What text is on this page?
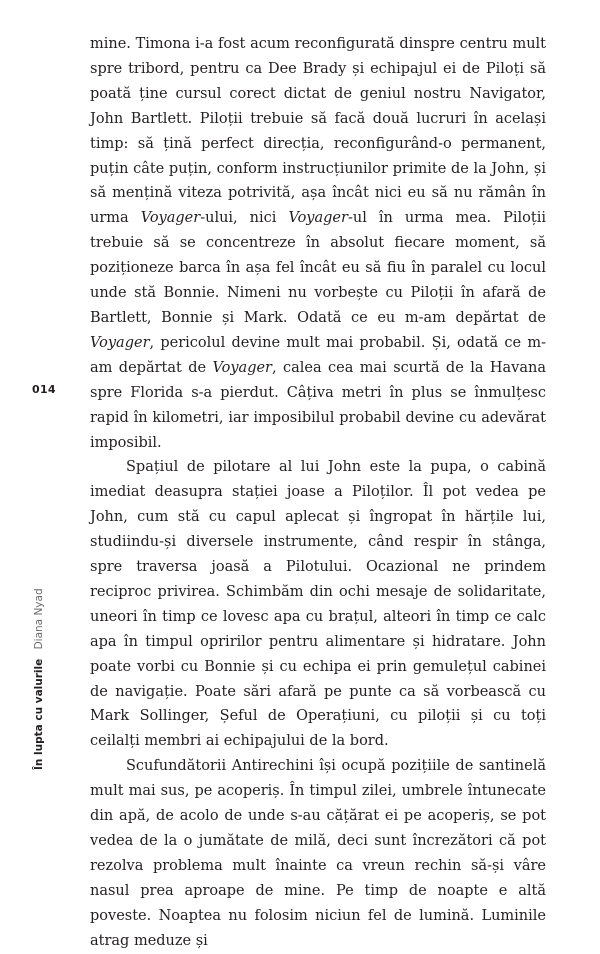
mine. Timona i-a fost acum reconfigurată dinspre centru mult spre tribord, pentru ca Dee Brady și echipajul ei de Piloți să poată ține cursul corect dictat de geniul nostru Navigator, John Bartlett. Piloții trebuie să facă două lucruri în același timp: să țină perfect direcția, reconfigurând-o permanent, puțin câte puțin, conform instrucțiunilor primite de la John, și să mențină viteza potrivită, așa încât nici eu să nu rămân în urma Voyager-ului, nici Voyager-ul în urma mea. Piloții trebuie să se concentreze în absolut fiecare moment, să poziționeze barca în așa fel încât eu să fiu în paralel cu locul unde stă Bonnie. Nimeni nu vorbește cu Piloții în afară de Bartlett, Bonnie și Mark. Odată ce eu m-am depărtat de Voyager, pericolul devine mult mai probabil. Și, odată ce m-am depărtat de Voyager, calea cea mai scurtă de la Havana spre Florida s-a pierdut. Câțiva metri în plus se înmulțesc rapid în kilometri, iar imposibilul probabil devine cu adevărat imposibil.

Spațiul de pilotare al lui John este la pupa, o cabină imediat deasupra stației joase a Piloților. Îl pot vedea pe John, cum stă cu capul aplecat și îngropat în hărțile lui, studiindu-și diversele instrumente, când respir în stânga, spre traversa joasă a Pilotului. Ocazional ne prindem reciproc privirea. Schimbăm din ochi mesaje de solidaritate, uneori în timp ce lovesc apa cu brațul, alteori în timp ce calc apa în timpul opririlor pentru alimentare și hidratare. John poate vorbi cu Bonnie și cu echipa ei prin gemulețul cabinei de navigație. Poate sări afară pe punte ca să vorbească cu Mark Sollinger, Șeful de Operațiuni, cu piloții și cu toți ceilalți membri ai echipajului de la bord.

Scufundătorii Antirechini își ocupă pozițiile de santinelă mult mai sus, pe acoperiș. În timpul zilei, umbrele întunecate din apă, de acolo de unde s-au cățărat ei pe acoperiș, se pot vedea de la o jumătate de milă, deci sunt încrezători că pot rezolva problema mult înainte ca vreun rechin să-și vâre nasul prea aproape de mine. Pe timp de noapte e altă poveste. Noaptea nu folosim niciun fel de lumină. Luminile atrag meduze și

014
În lupta cu valurile Diana Nyad
